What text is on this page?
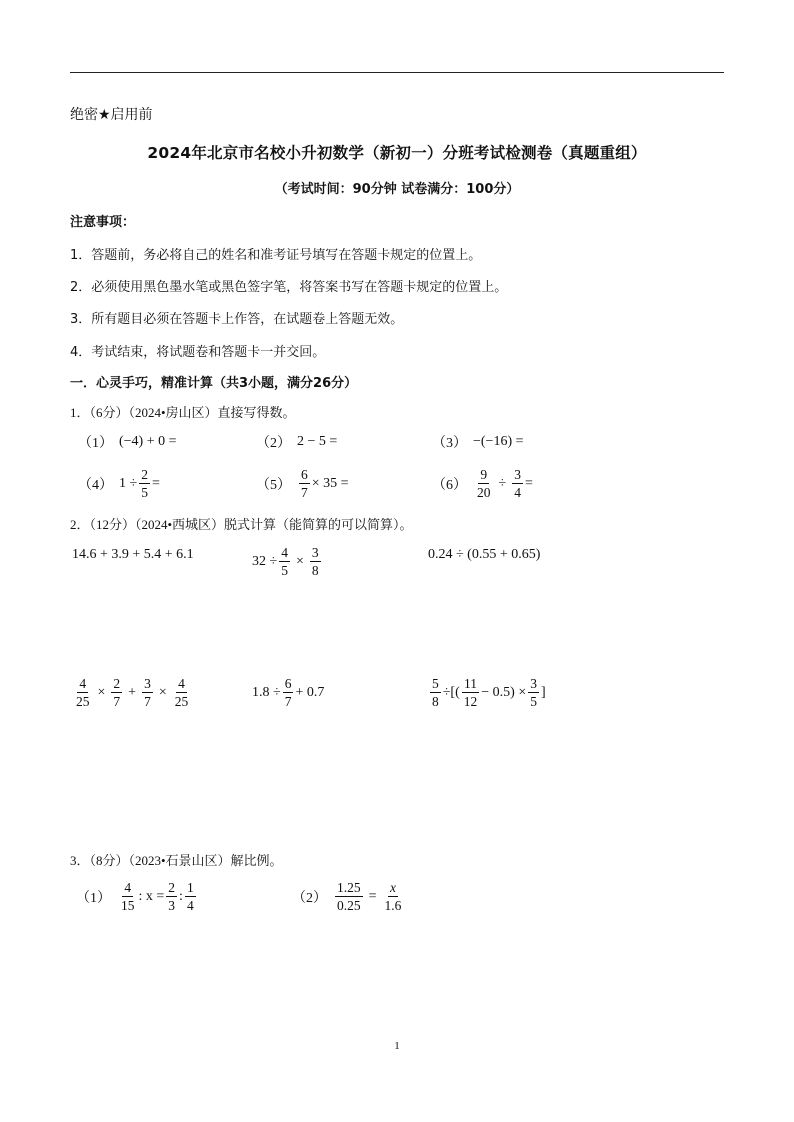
绝密★启用前
2024年北京市名校小升初数学（新初一）分班考试检测卷（真题重组）
（考试时间：90分钟 试卷满分：100分）
注意事项：
1．答题前，务必将自己的姓名和准考证号填写在答题卡规定的位置上。
2．必须使用黑色墨水笔或黑色签字笔，将答案书写在答题卡规定的位置上。
3．所有题目必须在答题卡上作答，在试题卷上答题无效。
4．考试结束，将试题卷和答题卡一并交回。
一．心灵手巧，精准计算（共3小题，满分26分）
1．（6分）（2024•房山区）直接写得数。
（1） (−4) + 0 =	（2） 2 − 5 =	（3） −(−16) =
（4） $1 \div \frac{2}{5}$ =	$(5) \frac{6}{7} \times 35$ =	$(6) \frac{9}{20} \div \frac{3}{4}$ =
2．（12分）（2024•西城区）脱式计算（能简算的可以简算）。
14.6 + 3.9 + 5.4 + 6.1	$32 \div \frac{4}{5} \times \frac{3}{8}$	0.24 ÷ (0.55 + 0.65)
$\frac{4}{25} \times \frac{2}{7} + \frac{3}{7} \times \frac{4}{25}$	$1.8 \div \frac{6}{7} + 0.7$	$\frac{5}{8}$ ÷[( $\frac{11}{12} - 0.5) \times \frac{3}{5}$ ]
3．（8分）（2023•石景山区）解比例。
$(1) \frac{4}{15}$ : $x = \frac{2}{3}$ : $\frac{1}{4}$	$(2) \frac{1.25}{0.25} = \frac{x}{1.6}$
1
